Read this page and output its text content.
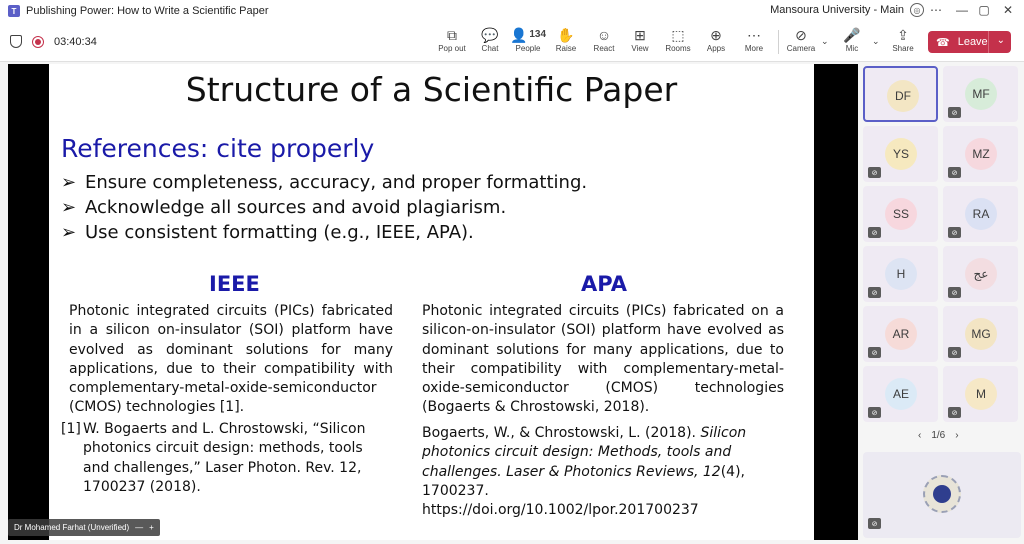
T Publishing Power: How to Write a Scientific Paper	Mansoura University - Main	◎ ⋯	— ▢	✕
03:40:34	⧉
Pop out
💬
Chat
👤 134
People
✋
Raise
☺
React
⊞
View
⬚
Rooms
⊕
Apps
⋯
More
⊘
Camera
🎤
Mic
⇪
Share
⌄	⌄	☎ Leave ⌄
Structure of a Scientific Paper
References: cite properly
➢ Ensure completeness, accuracy, and proper formatting.
➢ Acknowledge all sources and avoid plagiarism.
➢ Use consistent formatting (e.g., IEEE, APA).
IEEE
Photonic integrated circuits (PICs) fabricated in a silicon on-insulator (SOI) platform have evolved as dominant solutions for many applications, due to their compatibility with complementary-metal-oxide-semiconductor (CMOS) technologies [1].
[1] W. Bogaerts and L. Chrostowski, “Silicon photonics circuit design: methods, tools and challenges,” Laser Photon. Rev. 12, 1700237 (2018).
APA
Photonic integrated circuits (PICs) fabricated on a silicon-on-insulator (SOI) platform have evolved as dominant solutions for many applications, due to their compatibility with complementary-metal-oxide-semiconductor (CMOS) technologies (Bogaerts & Chrostowski, 2018).
Bogaerts, W., & Chrostowski, L. (2018). Silicon photonics circuit design: Methods, tools and challenges. Laser & Photonics Reviews, 12(4), 1700237.
https://doi.org/10.1002/lpor.201700237
Dr Mohamed Farhat (Unverified) — +
DF	MF
⊘
YS
⊘
MZ
⊘
SS
⊘
RA
⊘
H
⊘
عج
⊘
AR
⊘
MG
⊘
AE
⊘
M
⊘
‹ 1/6 ›
⊘
